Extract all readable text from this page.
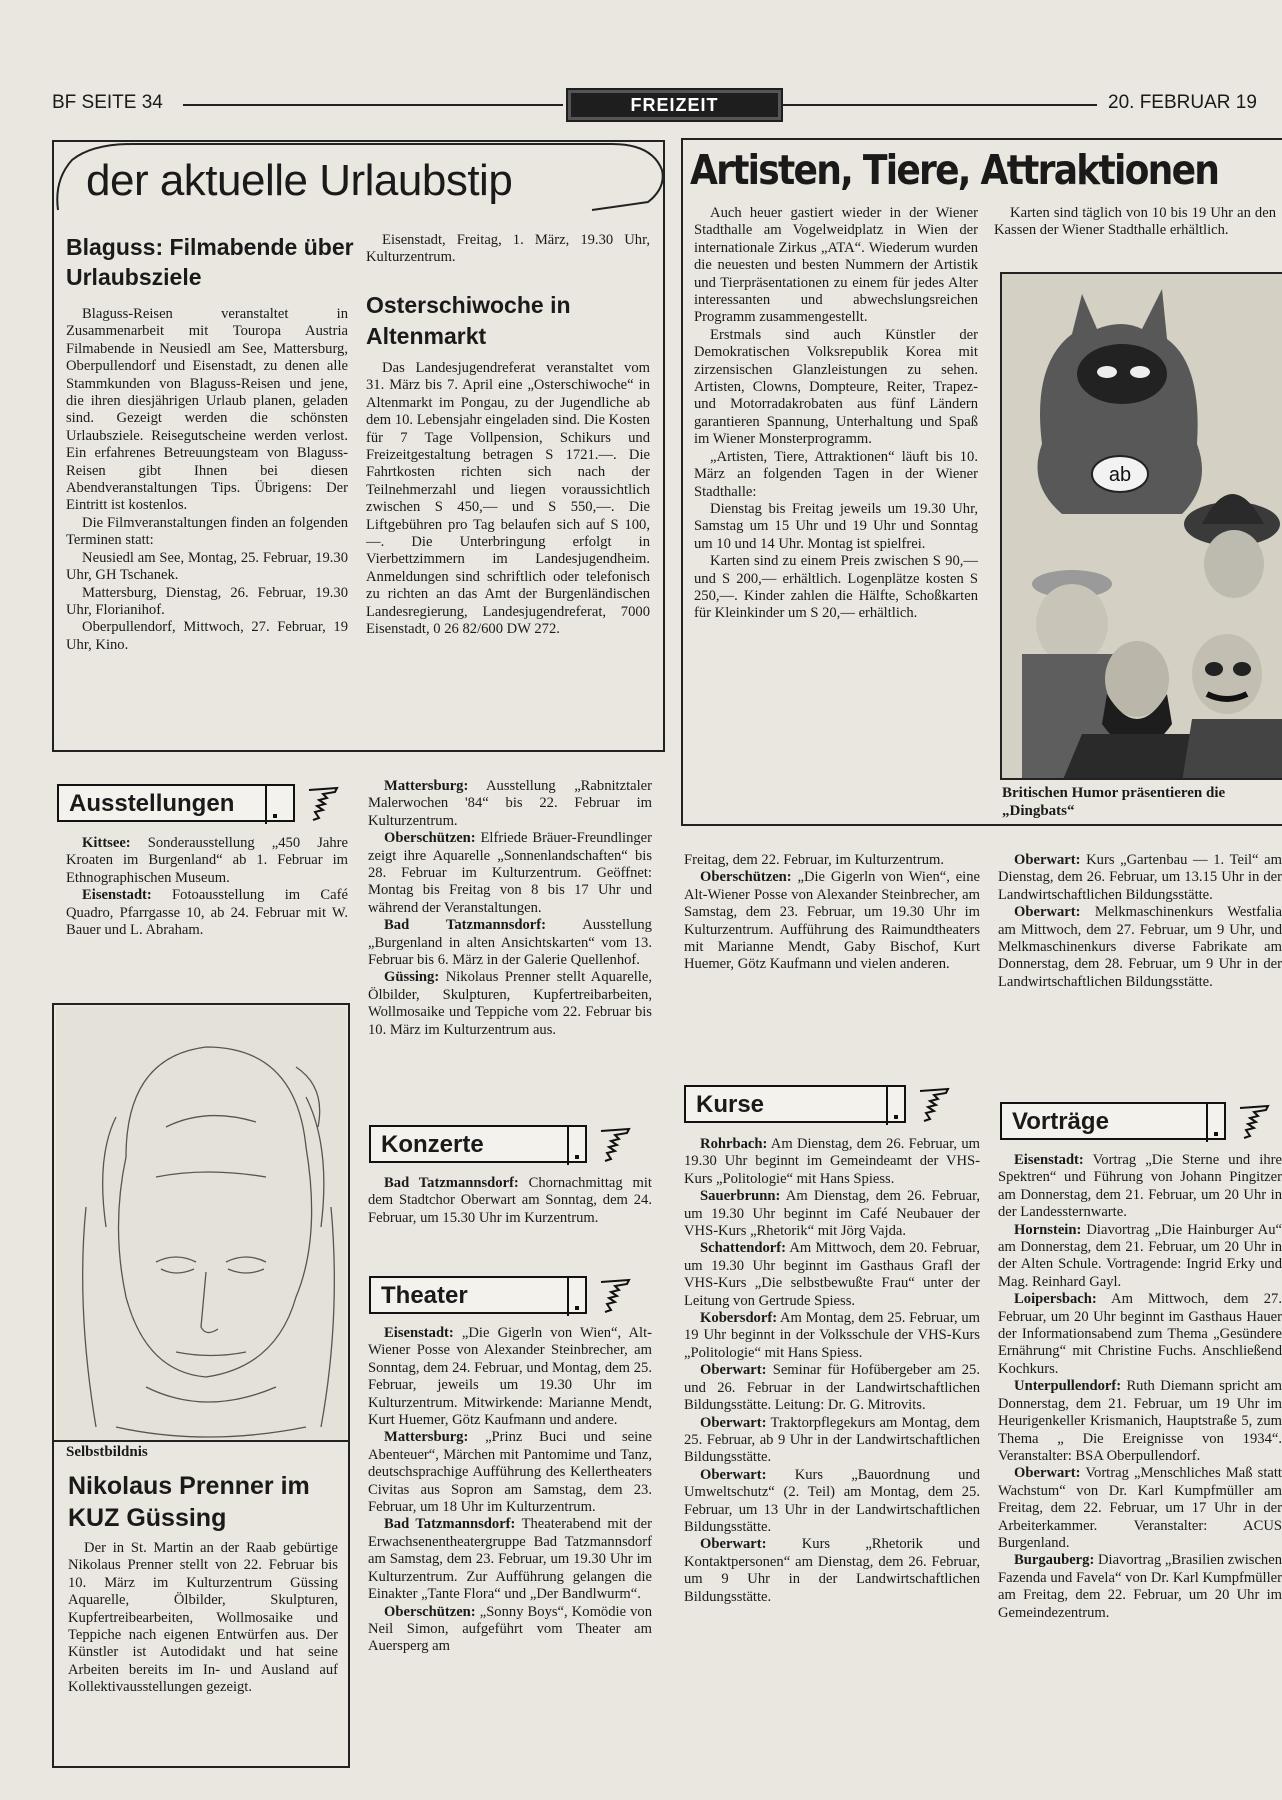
BF SEITE 34	FREIZEIT	20. FEBRUAR 19
der aktuelle Urlaubstip
Blaguss: Filmabende über Urlaubsziele

Blaguss-Reisen veranstaltet in Zusammenarbeit mit Touropa Austria Filmabende in Neusiedl am See, Mattersburg, Oberpullendorf und Eisenstadt, zu denen alle Stammkunden von Blaguss-Reisen und jene, die ihren diesjährigen Urlaub planen, geladen sind. Gezeigt werden die schönsten Urlaubsziele. Reisegutscheine werden verlost. Ein erfahrenes Betreuungsteam von Blaguss-Reisen gibt Ihnen bei diesen Abendveranstaltungen Tips. Übrigens: Der Eintritt ist kostenlos.

Die Filmveranstaltungen finden an folgenden Terminen statt:

Neusiedl am See, Montag, 25. Februar, 19.30 Uhr, GH Tschanek.

Mattersburg, Dienstag, 26. Februar, 19.30 Uhr, Florianihof.

Oberpullendorf, Mittwoch, 27. Februar, 19 Uhr, Kino.

Eisenstadt, Freitag, 1. März, 19.30 Uhr, Kulturzentrum.

Osterschiwoche in Altenmarkt

Das Landesjugendreferat veranstaltet vom 31. März bis 7. April eine „Osterschiwoche“ in Altenmarkt im Pongau, zu der Jugendliche ab dem 10. Lebensjahr eingeladen sind. Die Kosten für 7 Tage Vollpension, Schikurs und Freizeitgestaltung betragen S 1721.—. Die Fahrtkosten richten sich nach der Teilnehmerzahl und liegen voraussichtlich zwischen S 450,— und S 550,—. Die Liftgebühren pro Tag belaufen sich auf S 100,—. Die Unterbringung erfolgt in Vierbettzimmern im Landesjugendheim. Anmeldungen sind schriftlich oder telefonisch zu richten an das Amt der Burgenländischen Landesregierung, Landesjugendreferat, 7000 Eisenstadt, 0 26 82/600 DW 272.

Artisten, Tiere, Attraktionen

Auch heuer gastiert wieder in der Wiener Stadthalle am Vogelweidplatz in Wien der internationale Zirkus „ATA“. Wiederum wurden die neuesten und besten Nummern der Artistik und Tierpräsentationen zu einem für jedes Alter interessanten und abwechslungsreichen Programm zusammengestellt.

Erstmals sind auch Künstler der Demokratischen Volksrepublik Korea mit zirzensischen Glanzleistungen zu sehen. Artisten, Clowns, Dompteure, Reiter, Trapez- und Motorradakrobaten aus fünf Ländern garantieren Spannung, Unterhaltung und Spaß im Wiener Monsterprogramm.

„Artisten, Tiere, Attraktionen“ läuft bis 10. März an folgenden Tagen in der Wiener Stadthalle:

Dienstag bis Freitag jeweils um 19.30 Uhr, Samstag um 15 Uhr und 19 Uhr und Sonntag um 10 und 14 Uhr. Montag ist spielfrei.

Karten sind zu einem Preis zwischen S 90,— und S 200,— erhältlich. Logenplätze kosten S 250,—. Kinder zahlen die Hälfte, Schoßkarten für Kleinkinder um S 20,— erhältlich.

Karten sind täglich von 10 bis 19 Uhr an den Kassen der Wiener Stadthalle erhältlich.

ab
Britischen Humor präsentieren die „Dingbats“
Ausstellungen

Kittsee: Sonderausstellung „450 Jahre Kroaten im Burgenland“ ab 1. Februar im Ethnographischen Museum.

Eisenstadt: Fotoausstellung im Café Quadro, Pfarrgasse 10, ab 24. Februar mit W. Bauer und L. Abraham.

Mattersburg: Ausstellung „Rabnitztaler Malerwochen '84“ bis 22. Februar im Kulturzentrum.

Oberschützen: Elfriede Bräuer-Freundlinger zeigt ihre Aquarelle „Sonnenlandschaften“ bis 28. Februar im Kulturzentrum. Geöffnet: Montag bis Freitag von 8 bis 17 Uhr und während der Veranstaltungen.

Bad Tatzmannsdorf: Ausstellung „Burgenland in alten Ansichtskarten“ vom 13. Februar bis 6. März in der Galerie Quellenhof.

Güssing: Nikolaus Prenner stellt Aquarelle, Ölbilder, Skulpturen, Kupfertreibarbeiten, Wollmosaike und Teppiche vom 22. Februar bis 10. März im Kulturzentrum aus.

Selbstbildnis
Nikolaus Prenner im KUZ Güssing

Der in St. Martin an der Raab gebürtige Nikolaus Prenner stellt von 22. Februar bis 10. März im Kulturzentrum Güssing Aquarelle, Ölbilder, Skulpturen, Kupfertreibearbeiten, Wollmosaike und Teppiche nach eigenen Entwürfen aus. Der Künstler ist Autodidakt und hat seine Arbeiten bereits im In- und Ausland auf Kollektivausstellungen gezeigt.

Konzerte

Bad Tatzmannsdorf: Chornachmittag mit dem Stadtchor Oberwart am Sonntag, dem 24. Februar, um 15.30 Uhr im Kurzentrum.

Theater

Eisenstadt: „Die Gigerln von Wien“, Alt-Wiener Posse von Alexander Steinbrecher, am Sonntag, dem 24. Februar, und Montag, dem 25. Februar, jeweils um 19.30 Uhr im Kulturzentrum. Mitwirkende: Marianne Mendt, Kurt Huemer, Götz Kaufmann und andere.

Mattersburg: „Prinz Buci und seine Abenteuer“, Märchen mit Pantomime und Tanz, deutschsprachige Aufführung des Kellertheaters Civitas aus Sopron am Samstag, dem 23. Februar, um 18 Uhr im Kulturzentrum.

Bad Tatzmannsdorf: Theaterabend mit der Erwachsenentheatergruppe Bad Tatzmannsdorf am Samstag, dem 23. Februar, um 19.30 Uhr im Kulturzentrum. Zur Aufführung gelangen die Einakter „Tante Flora“ und „Der Bandlwurm“.

Oberschützen: „Sonny Boys“, Komödie von Neil Simon, aufgeführt vom Theater am Auersperg am

Freitag, dem 22. Februar, im Kulturzentrum.

Oberschützen: „Die Gigerln von Wien“, eine Alt-Wiener Posse von Alexander Steinbrecher, am Samstag, dem 23. Februar, um 19.30 Uhr im Kulturzentrum. Aufführung des Raimundtheaters mit Marianne Mendt, Gaby Bischof, Kurt Huemer, Götz Kaufmann und vielen anderen.

Kurse

Rohrbach: Am Dienstag, dem 26. Februar, um 19.30 Uhr beginnt im Gemeindeamt der VHS-Kurs „Politologie“ mit Hans Spiess.

Sauerbrunn: Am Dienstag, dem 26. Februar, um 19.30 Uhr beginnt im Café Neubauer der VHS-Kurs „Rhetorik“ mit Jörg Vajda.

Schattendorf: Am Mittwoch, dem 20. Februar, um 19.30 Uhr beginnt im Gasthaus Grafl der VHS-Kurs „Die selbstbewußte Frau“ unter der Leitung von Gertrude Spiess.

Kobersdorf: Am Montag, dem 25. Februar, um 19 Uhr beginnt in der Volksschule der VHS-Kurs „Politologie“ mit Hans Spiess.

Oberwart: Seminar für Hofübergeber am 25. und 26. Februar in der Landwirtschaftlichen Bildungsstätte. Leitung: Dr. G. Mitrovits.

Oberwart: Traktorpflegekurs am Montag, dem 25. Februar, ab 9 Uhr in der Landwirtschaftlichen Bildungsstätte.

Oberwart: Kurs „Bauordnung und Umweltschutz“ (2. Teil) am Montag, dem 25. Februar, um 13 Uhr in der Landwirtschaftlichen Bildungsstätte.

Oberwart: Kurs „Rhetorik und Kontaktpersonen“ am Dienstag, dem 26. Februar, um 9 Uhr in der Landwirtschaftlichen Bildungsstätte.

Oberwart: Kurs „Gartenbau — 1. Teil“ am Dienstag, dem 26. Februar, um 13.15 Uhr in der Landwirtschaftlichen Bildungsstätte.

Oberwart: Melkmaschinenkurs Westfalia am Mittwoch, dem 27. Februar, um 9 Uhr, und Melkmaschinenkurs diverse Fabrikate am Donnerstag, dem 28. Februar, um 9 Uhr in der Landwirtschaftlichen Bildungsstätte.

Vorträge

Eisenstadt: Vortrag „Die Sterne und ihre Spektren“ und Führung von Johann Pingitzer am Donnerstag, dem 21. Februar, um 20 Uhr in der Landessternwarte.

Hornstein: Diavortrag „Die Hainburger Au“ am Donnerstag, dem 21. Februar, um 20 Uhr in der Alten Schule. Vortragende: Ingrid Erky und Mag. Reinhard Gayl.

Loipersbach: Am Mittwoch, dem 27. Februar, um 20 Uhr beginnt im Gasthaus Hauer der Informationsabend zum Thema „Gesündere Ernährung“ mit Christine Fuchs. Anschließend Kochkurs.

Unterpullendorf: Ruth Diemann spricht am Donnerstag, dem 21. Februar, um 19 Uhr im Heurigenkeller Krismanich, Hauptstraße 5, zum Thema „ Die Ereignisse von 1934“. Veranstalter: BSA Oberpullendorf.

Oberwart: Vortrag „Menschliches Maß statt Wachstum“ von Dr. Karl Kumpfmüller am Freitag, dem 22. Februar, um 17 Uhr in der Arbeiterkammer. Veranstalter: ACUS Burgenland.

Burgauberg: Diavortrag „Brasilien zwischen Fazenda und Favela“ von Dr. Karl Kumpfmüller am Freitag, dem 22. Februar, um 20 Uhr im Gemeindezentrum.
